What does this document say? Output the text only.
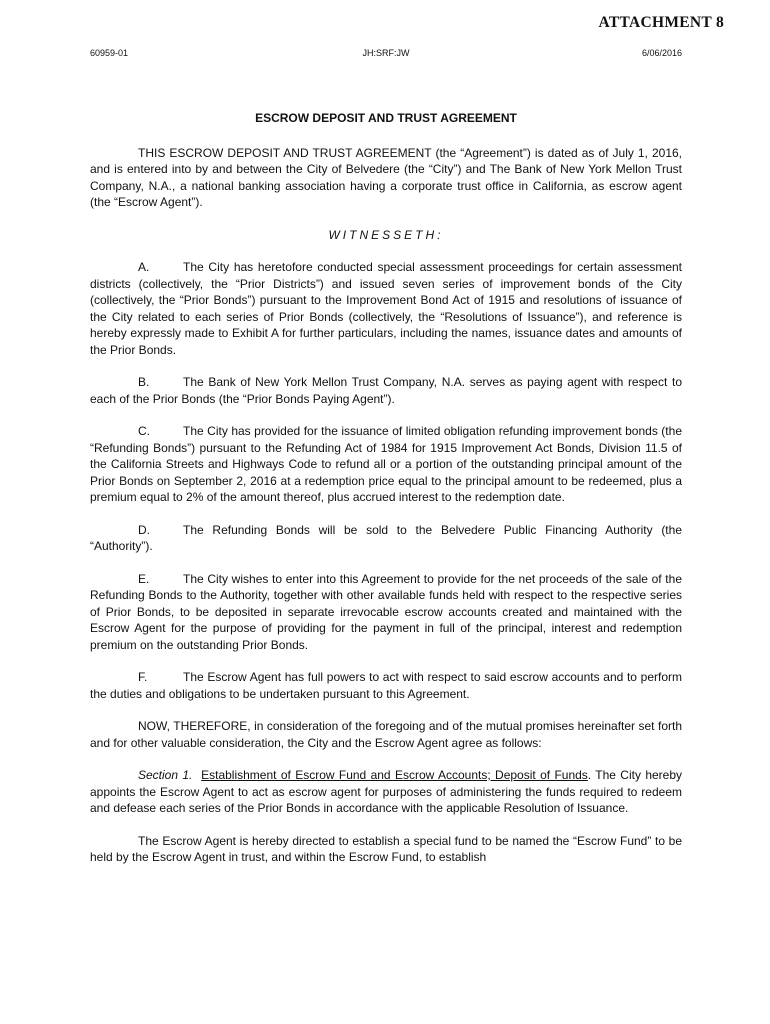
ATTACHMENT 8
60959-01	JH:SRF:JW	6/06/2016
ESCROW DEPOSIT AND TRUST AGREEMENT

THIS ESCROW DEPOSIT AND TRUST AGREEMENT (the “Agreement”) is dated as of July 1, 2016, and is entered into by and between the City of Belvedere (the “City”) and The Bank of New York Mellon Trust Company, N.A., a national banking association having a corporate trust office in California, as escrow agent (the “Escrow Agent”).

WITNESSETH:

A.	The City has heretofore conducted special assessment proceedings for certain assessment districts (collectively, the “Prior Districts”) and issued seven series of improvement bonds of the City (collectively, the “Prior Bonds”) pursuant to the Improvement Bond Act of 1915 and resolutions of issuance of the City related to each series of Prior Bonds (collectively, the “Resolutions of Issuance”), and reference is hereby expressly made to Exhibit A for further particulars, including the names, issuance dates and amounts of the Prior Bonds.

B.	The Bank of New York Mellon Trust Company, N.A. serves as paying agent with respect to each of the Prior Bonds (the “Prior Bonds Paying Agent”).

C.	The City has provided for the issuance of limited obligation refunding improvement bonds (the “Refunding Bonds”) pursuant to the Refunding Act of 1984 for 1915 Improvement Act Bonds, Division 11.5 of the California Streets and Highways Code to refund all or a portion of the outstanding principal amount of the Prior Bonds on September 2, 2016 at a redemption price equal to the principal amount to be redeemed, plus a premium equal to 2% of the amount thereof, plus accrued interest to the redemption date.

D.	The Refunding Bonds will be sold to the Belvedere Public Financing Authority (the “Authority”).

E.	The City wishes to enter into this Agreement to provide for the net proceeds of the sale of the Refunding Bonds to the Authority, together with other available funds held with respect to the respective series of Prior Bonds, to be deposited in separate irrevocable escrow accounts created and maintained with the Escrow Agent for the purpose of providing for the payment in full of the principal, interest and redemption premium on the outstanding Prior Bonds.

F.	The Escrow Agent has full powers to act with respect to said escrow accounts and to perform the duties and obligations to be undertaken pursuant to this Agreement.

NOW, THEREFORE, in consideration of the foregoing and of the mutual promises hereinafter set forth and for other valuable consideration, the City and the Escrow Agent agree as follows:

Section 1. Establishment of Escrow Fund and Escrow Accounts; Deposit of Funds. The City hereby appoints the Escrow Agent to act as escrow agent for purposes of administering the funds required to redeem and defease each series of the Prior Bonds in accordance with the applicable Resolution of Issuance.

The Escrow Agent is hereby directed to establish a special fund to be named the “Escrow Fund” to be held by the Escrow Agent in trust, and within the Escrow Fund, to establish
